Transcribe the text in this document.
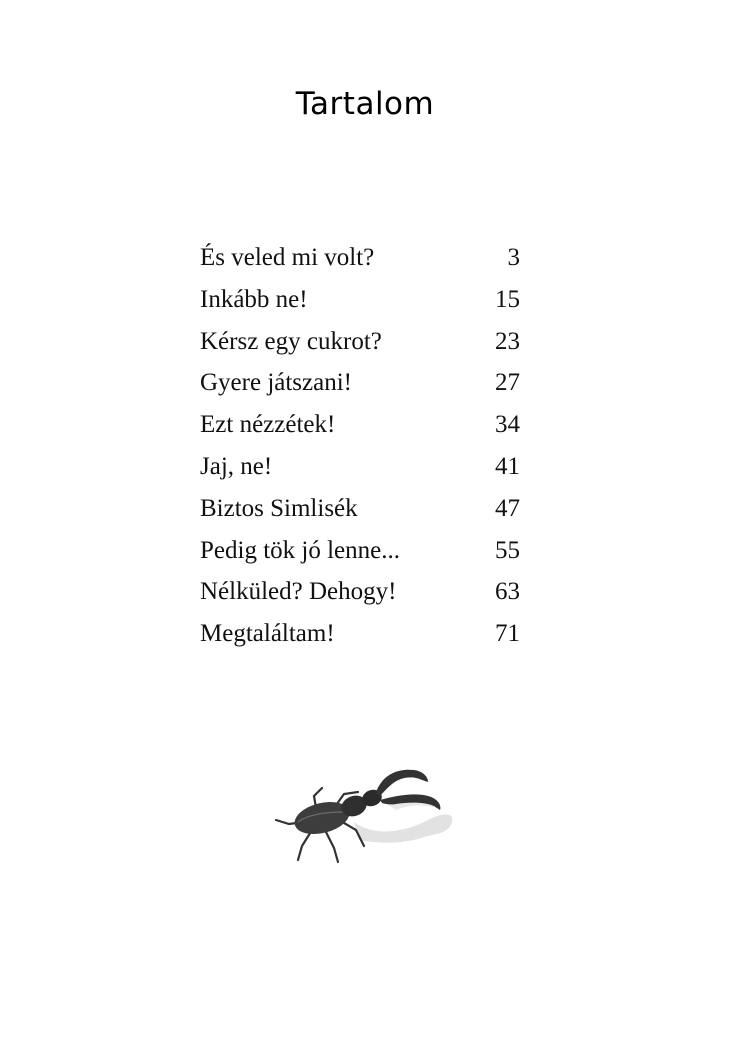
Tartalom
És veled mi volt?	3
Inkább ne!	15
Kérsz egy cukrot?	23
Gyere játszani!	27
Ezt nézzétek!	34
Jaj, ne!	41
Biztos Simlisék	47
Pedig tök jó lenne...	55
Nélküled? Dehogy!	63
Megtaláltam!	71
